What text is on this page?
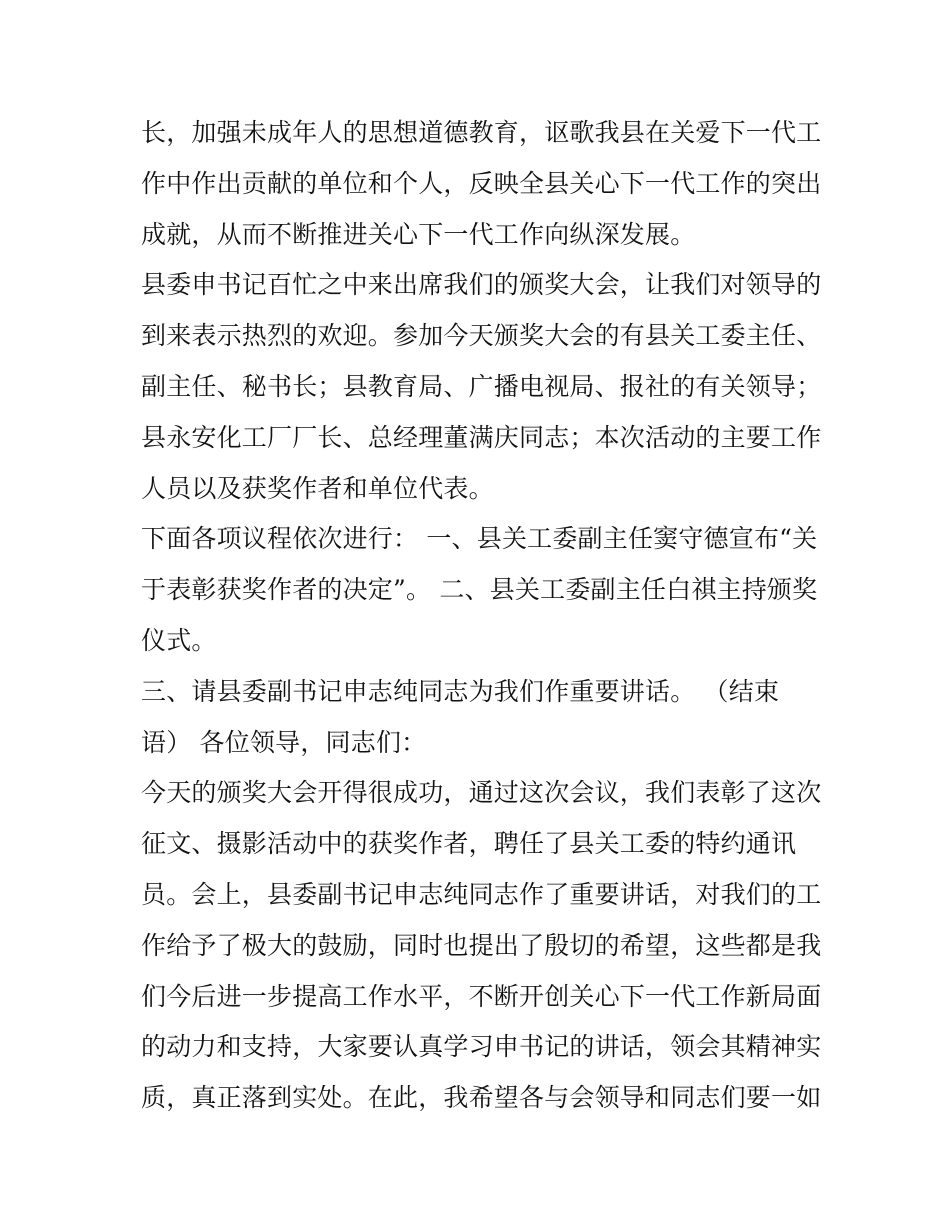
长，加强未成年人的思想道德教育，讴歌我县在关爱下一代工
作中作出贡献的单位和个人，反映全县关心下一代工作的突出
成就，从而不断推进关心下一代工作向纵深发展。
县委申书记百忙之中来出席我们的颁奖大会，让我们对领导的
到来表示热烈的欢迎。参加今天颁奖大会的有县关工委主任、
副主任、秘书长；县教育局、广播电视局、报社的有关领导；
县永安化工厂厂长、总经理董满庆同志；本次活动的主要工作
人员以及获奖作者和单位代表。
下面各项议程依次进行： 一、县关工委副主任窦守德宣布“关
于表彰获奖作者的决定”。 二、县关工委副主任白祺主持颁奖
仪式。
三、请县委副书记申志纯同志为我们作重要讲话。 （结束
语） 各位领导，同志们：
今天的颁奖大会开得很成功，通过这次会议，我们表彰了这次
征文、摄影活动中的获奖作者，聘任了县关工委的特约通讯
员。会上，县委副书记申志纯同志作了重要讲话，对我们的工
作给予了极大的鼓励，同时也提出了殷切的希望，这些都是我
们今后进一步提高工作水平，不断开创关心下一代工作新局面
的动力和支持，大家要认真学习申书记的讲话，领会其精神实
质，真正落到实处。在此，我希望各与会领导和同志们要一如
